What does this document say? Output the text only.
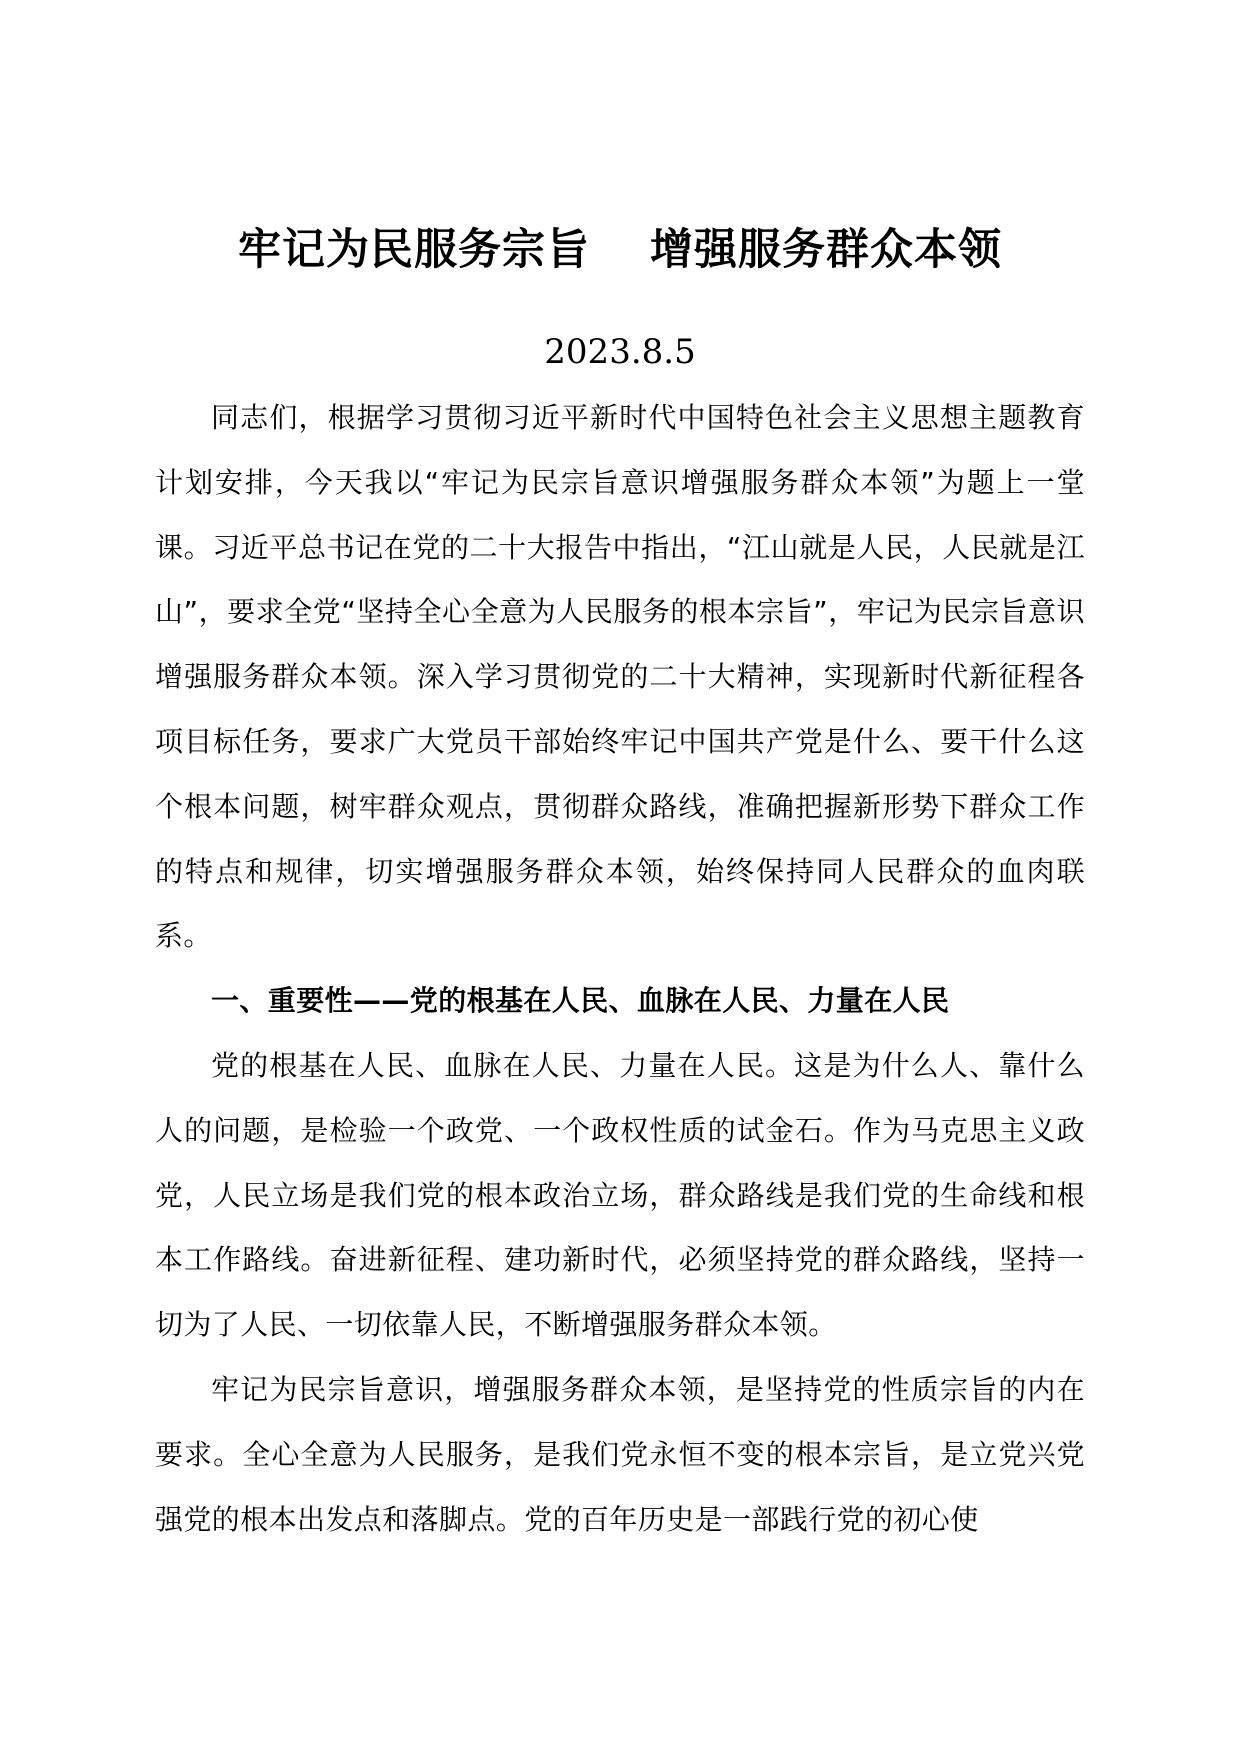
牢记为民服务宗旨　 增强服务群众本领

2023.8.5

同志们，根据学习贯彻习近平新时代中国特色社会主义思想主题教育计划安排，今天我以“牢记为民宗旨意识增强服务群众本领”为题上一堂课。习近平总书记在党的二十大报告中指出，“江山就是人民，人民就是江山”，要求全党“坚持全心全意为人民服务的根本宗旨”，牢记为民宗旨意识增强服务群众本领。深入学习贯彻党的二十大精神，实现新时代新征程各项目标任务，要求广大党员干部始终牢记中国共产党是什么、要干什么这个根本问题，树牢群众观点，贯彻群众路线，准确把握新形势下群众工作的特点和规律，切实增强服务群众本领，始终保持同人民群众的血肉联系。

一、重要性——党的根基在人民、血脉在人民、力量在人民

党的根基在人民、血脉在人民、力量在人民。这是为什么人、靠什么人的问题，是检验一个政党、一个政权性质的试金石。作为马克思主义政党，人民立场是我们党的根本政治立场，群众路线是我们党的生命线和根本工作路线。奋进新征程、建功新时代，必须坚持党的群众路线，坚持一切为了人民、一切依靠人民，不断增强服务群众本领。

牢记为民宗旨意识，增强服务群众本领，是坚持党的性质宗旨的内在要求。全心全意为人民服务，是我们党永恒不变的根本宗旨，是立党兴党强党的根本出发点和落脚点。党的百年历史是一部践行党的初心使
